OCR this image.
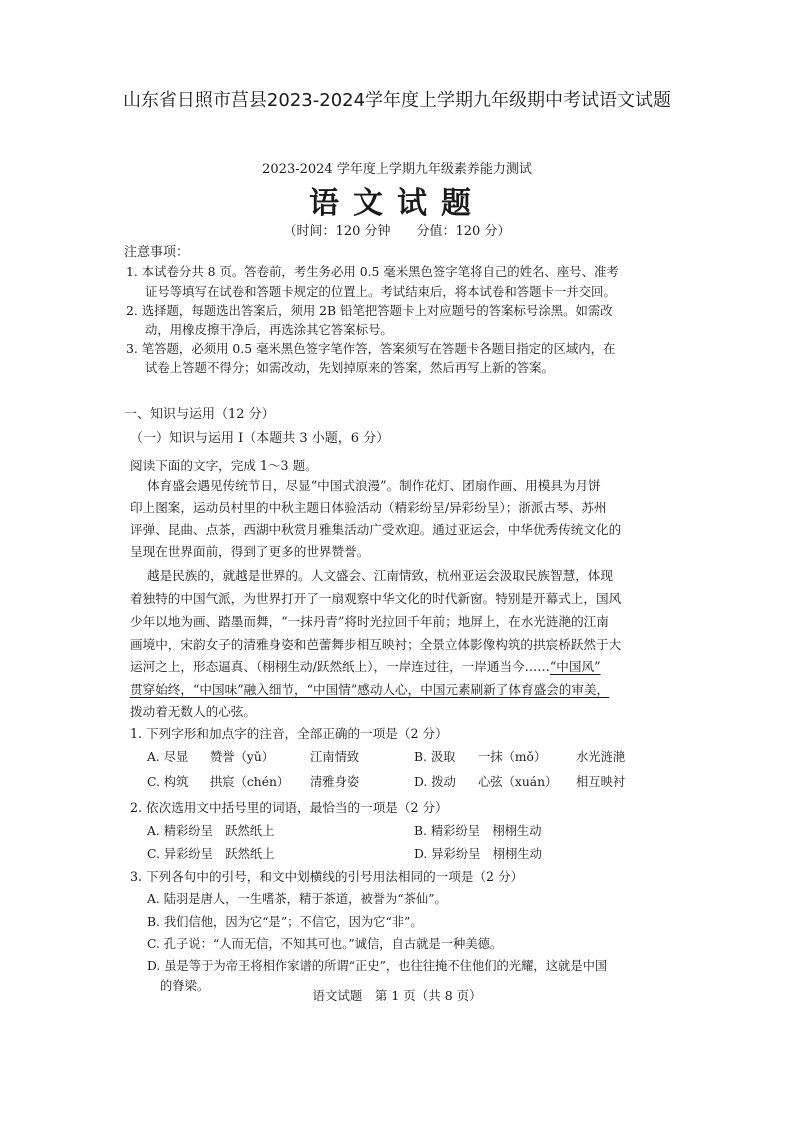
山东省日照市莒县2023-2024学年度上学期九年级期中考试语文试题
2023-2024 学年度上学期九年级素养能力测试
语文试题
（时间：120 分钟　　分值：120 分）
注意事项：
1. 本试卷分共 8 页。答卷前，考生务必用 0.5 毫米黑色签字笔将自己的姓名、座号、准考
证号等填写在试卷和答题卡规定的位置上。考试结束后，将本试卷和答题卡一并交回。
2. 选择题，每题选出答案后，须用 2B 铅笔把答题卡上对应题号的答案标号涂黑。如需改
动，用橡皮擦干净后，再选涂其它答案标号。
3. 笔答题，必须用 0.5 毫米黑色签字笔作答，答案须写在答题卡各题目指定的区域内，在
试卷上答题不得分；如需改动，先划掉原来的答案，然后再写上新的答案。
一、知识与运用（12 分）
（一）知识与运用 I（本题共 3 小题，6 分）
阅读下面的文字，完成 1～3 题。
体育盛会遇见传统节日，尽显“中国式浪漫”。制作花灯、团扇作画、用模具为月饼
印上图案，运动员村里的中秋主题日体验活动（精彩纷呈/异彩纷呈）；浙派古琴、苏州
评弹、昆曲、点茶，西湖中秋赏月雅集活动广受欢迎。通过亚运会，中华优秀传统文化的
呈现在世界面前，得到了更多的世界赞誉。
越是民族的，就越是世界的。人文盛会、江南情致，杭州亚运会汲取民族智慧，体现
着独特的中国气派，为世界打开了一扇观察中华文化的时代新窗。特别是开幕式上，国风
少年以地为画、踏墨而舞，“一抹丹青”将时光拉回千年前；地屏上，在水光涟滟的江南
画境中，宋韵女子的清雅身姿和芭蕾舞步相互映衬；全景立体影像构筑的拱宸桥跃然于大
运河之上，形态逼真、（栩栩生动/跃然纸上），一岸连过往，一岸通当今……“中国风”
贯穿始终，“中国味”融入细节，“中国情”感动人心，中国元素刷新了体育盛会的审美，
拨动着无数人的心弦。
1. 下列字形和加点字的注音，全部正确的一项是（2 分）
A. 尽显 赞誉（yǔ）	江南情致	B. 汲取 一抹（mǒ） 水光涟滟
C. 构筑 拱宸（chén） 清雅身姿	D. 拨动 心弦（xuán） 相互映衬
2. 依次选用文中括号里的词语，最恰当的一项是（2 分）
A. 精彩纷呈　跃然纸上	B. 精彩纷呈　栩栩生动
C. 异彩纷呈　跃然纸上	D. 异彩纷呈　栩栩生动
3. 下列各句中的引号，和文中划横线的引号用法相同的一项是（2 分）
A. 陆羽是唐人，一生嗜茶，精于茶道，被誉为“茶仙”。
B. 我们信他，因为它“是”；不信它，因为它“非”。
C. 孔子说：“人而无信，不知其可也。”诚信，自古就是一种美德。
D. 虽是等于为帝王将相作家谱的所谓“正史”，也往往掩不住他们的光耀，这就是中国
的脊梁。
语文试题　第 1 页（共 8 页）
